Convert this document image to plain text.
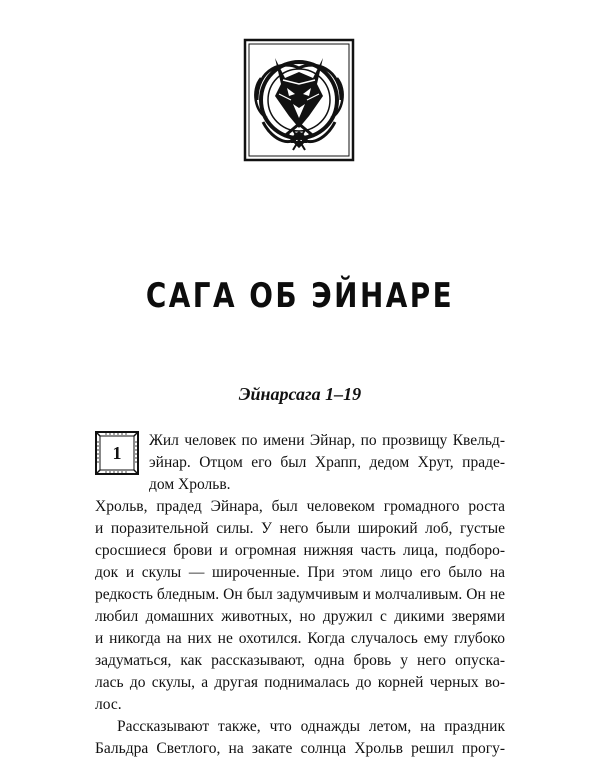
САГА ОБ ЭЙНАРЕ
Эйнарсага 1–19
1
Жил человек по имени Эйнар, по прозвищу Квельд-
эйнар. Отцом его был Храпп, дедом Хрут, праде-
дом Хрольв.
Хрольв, прадед Эйнара, был человеком громадного роста
и поразительной силы. У него были широкий лоб, густые
сросшиеся брови и огромная нижняя часть лица, подборо-
док и скулы — широченные. При этом лицо его было на
редкость бледным. Он был задумчивым и молчаливым. Он не
любил домашних животных, но дружил с дикими зверями
и никогда на них не охотился. Когда случалось ему глубоко
задуматься, как рассказывают, одна бровь у него опуска-
лась до скулы, а другая поднималась до корней черных во-
лос.
Рассказывают также, что однажды летом, на праздник
Бальдра Светлого, на закате солнца Хрольв решил прогу-
